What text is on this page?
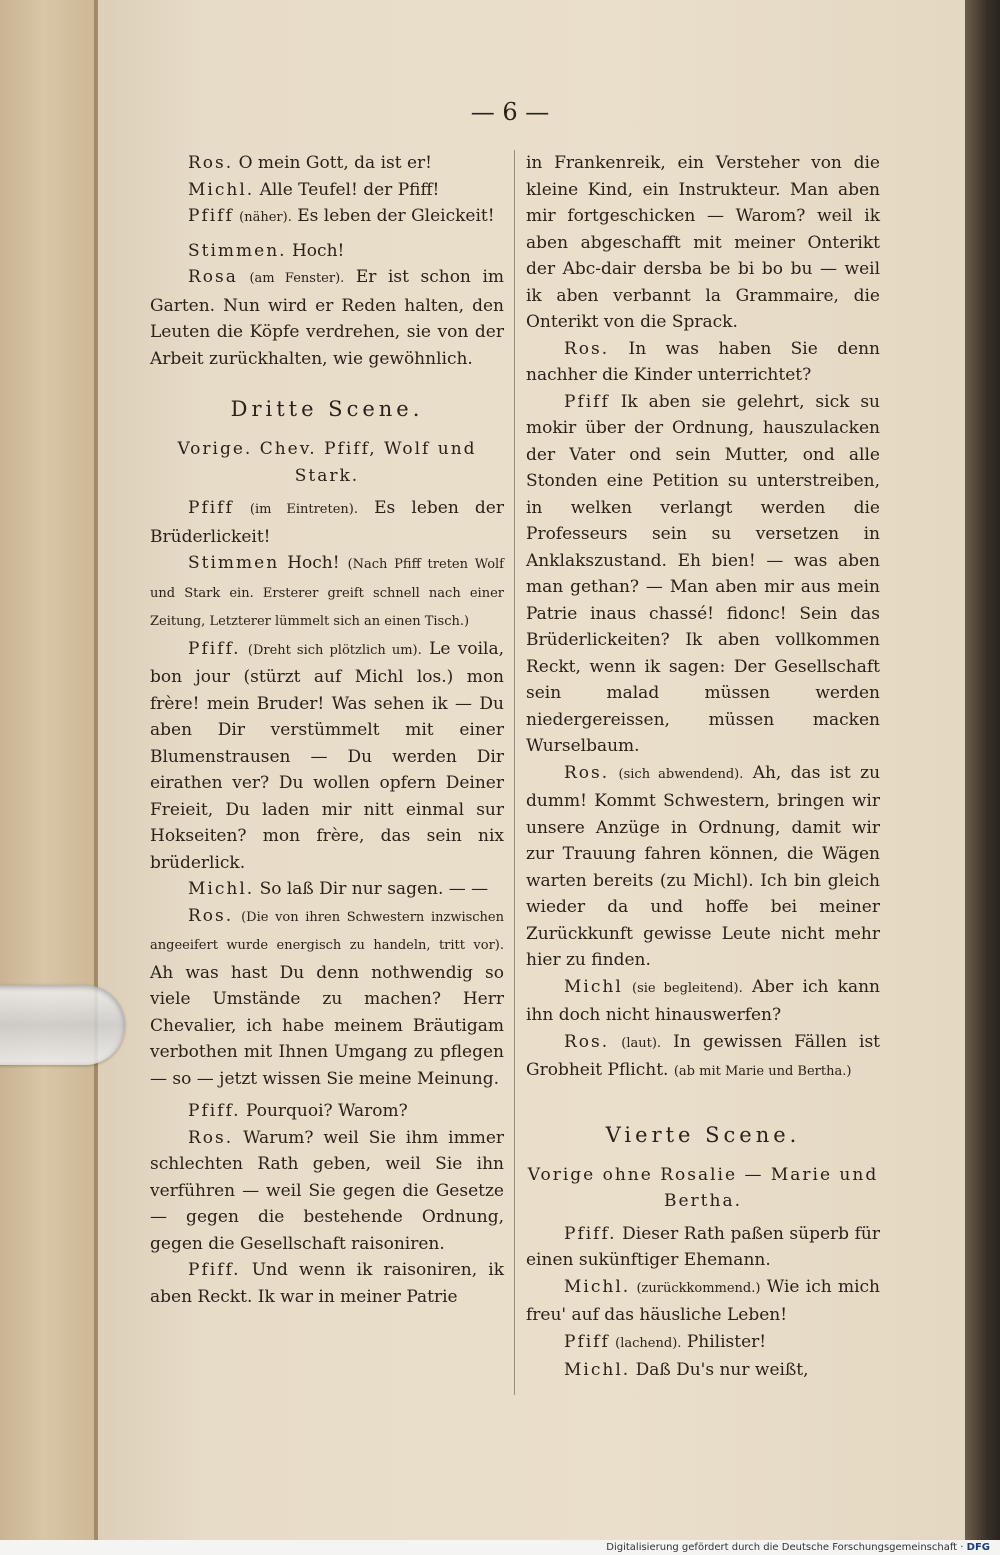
— 6 —

Ros. O mein Gott, da ist er!

Michl. Alle Teufel! der Pfiff!

Pfiff (näher). Es leben der Gleickeit!

Stimmen. Hoch!

Rosa (am Fenster). Er ist schon im Garten. Nun wird er Reden halten, den Leuten die Köpfe verdrehen, sie von der Arbeit zurückhalten, wie gewöhnlich.

Dritte Scene.
Vorige. Chev. Pfiff, Wolf und Stark.

Pfiff (im Eintreten). Es leben der Brüderlickeit!

Stimmen Hoch! (Nach Pfiff treten Wolf und Stark ein. Ersterer greift schnell nach einer Zeitung, Letzterer lümmelt sich an einen Tisch.)

Pfiff. (Dreht sich plötzlich um). Le voila, bon jour (stürzt auf Michl los.) mon frère! mein Bruder! Was sehen ik — Du aben Dir verstümmelt mit einer Blumenstrausen — Du werden Dir eirathen ver? Du wollen opfern Deiner Freieit, Du laden mir nitt einmal sur Hokseiten? mon frère, das sein nix brüderlick.

Michl. So laß Dir nur sagen. — —

Ros. (Die von ihren Schwestern inzwischen angeeifert wurde energisch zu handeln, tritt vor). Ah was hast Du denn nothwendig so viele Umstände zu machen? Herr Chevalier, ich habe meinem Bräutigam verbothen mit Ihnen Umgang zu pflegen — so — jetzt wissen Sie meine Meinung.

Pfiff. Pourquoi? Warom?

Ros. Warum? weil Sie ihm immer schlechten Rath geben, weil Sie ihn verführen — weil Sie gegen die Gesetze — gegen die bestehende Ordnung, gegen die Gesellschaft raisoniren.

Pfiff. Und wenn ik raisoniren, ik aben Reckt. Ik war in meiner Patrie

in Frankenreik, ein Versteher von die kleine Kind, ein Instrukteur. Man aben mir fortgeschicken — Warom? weil ik aben abgeschafft mit meiner Onterikt der Abc-dair dersba be bi bo bu — weil ik aben verbannt la Grammaire, die Onterikt von die Sprack.

Ros. In was haben Sie denn nachher die Kinder unterrichtet?

Pfiff Ik aben sie gelehrt, sick su mokir über der Ordnung, hauszulacken der Vater ond sein Mutter, ond alle Stonden eine Petition su unterstreiben, in welken verlangt werden die Professeurs sein su versetzen in Anklakszustand. Eh bien! — was aben man gethan? — Man aben mir aus mein Patrie inaus chassé! fidonc! Sein das Brüderlickeiten? Ik aben vollkommen Reckt, wenn ik sagen: Der Gesellschaft sein malad müssen werden niedergereissen, müssen macken Wurselbaum.

Ros. (sich abwendend). Ah, das ist zu dumm! Kommt Schwestern, bringen wir unsere Anzüge in Ordnung, damit wir zur Trauung fahren können, die Wägen warten bereits (zu Michl). Ich bin gleich wieder da und hoffe bei meiner Zurückkunft gewisse Leute nicht mehr hier zu finden.

Michl (sie begleitend). Aber ich kann ihn doch nicht hinauswerfen?

Ros. (laut). In gewissen Fällen ist Grobheit Pflicht. (ab mit Marie und Bertha.)

Vierte Scene.
Vorige ohne Rosalie — Marie und Bertha.

Pfiff. Dieser Rath paßen süperb für einen sukünftiger Ehemann.

Michl. (zurückkommend.) Wie ich mich freu' auf das häusliche Leben!

Pfiff (lachend). Philister!

Michl. Daß Du's nur weißt,

Digitalisierung gefördert durch die Deutsche Forschungsgemeinschaft · DFG
